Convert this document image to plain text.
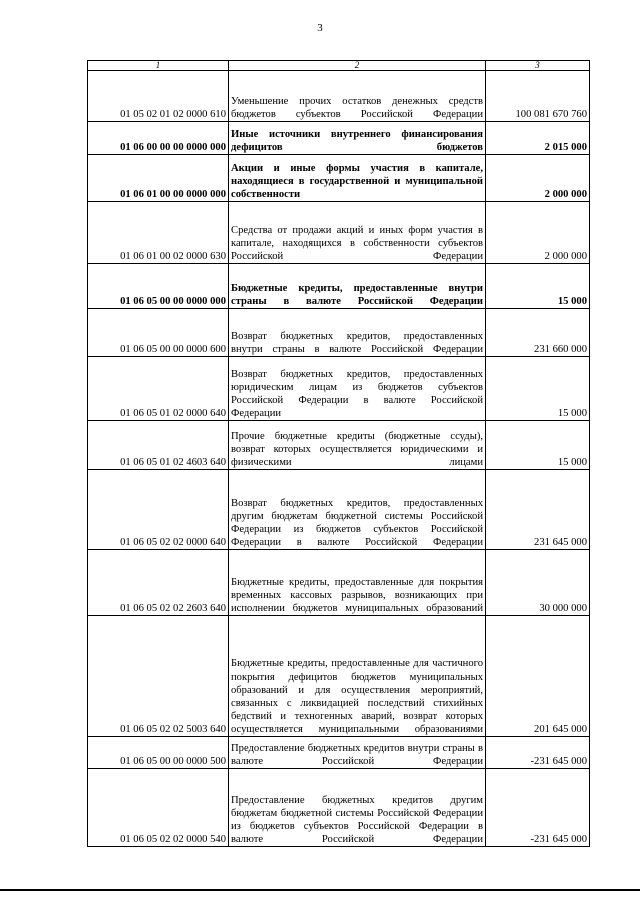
3
1	2	3
01 05 02 01 02 0000 610	Уменьшение прочих остатков денежных средств бюджетов субъектов Российской Федерации	100 081 670 760
01 06 00 00 00 0000 000	Иные источники внутреннего финансирования дефицитов бюджетов	2 015 000
01 06 01 00 00 0000 000	Акции и иные формы участия в капитале, находящиеся в государственной и муниципальной собственности	2 000 000
01 06 01 00 02 0000 630	Средства от продажи акций и иных форм участия в капитале, находящихся в собственности субъектов Российской Федерации	2 000 000
01 06 05 00 00 0000 000	Бюджетные кредиты, предоставленные внутри страны в валюте Российской Федерации	15 000
01 06 05 00 00 0000 600	Возврат бюджетных кредитов, предоставленных внутри страны в валюте Российской Федерации	231 660 000
01 06 05 01 02 0000 640	Возврат бюджетных кредитов, предоставленных юридическим лицам из бюджетов субъектов Российской Федерации в валюте Российской Федерации	15 000
01 06 05 01 02 4603 640	Прочие бюджетные кредиты (бюджетные ссуды), возврат которых осуществляется юридическими и физическими лицами	15 000
01 06 05 02 02 0000 640	Возврат бюджетных кредитов, предоставленных другим бюджетам бюджетной системы Российской Федерации из бюджетов субъектов Российской Федерации в валюте Российской Федерации	231 645 000
01 06 05 02 02 2603 640	Бюджетные кредиты, предоставленные для покрытия временных кассовых разрывов, возникающих при исполнении бюджетов муниципальных образований	30 000 000
01 06 05 02 02 5003 640	Бюджетные кредиты, предоставленные для частичного покрытия дефицитов бюджетов муниципальных образований и для осуществления мероприятий, связанных с ликвидацией последствий стихийных бедствий и техногенных аварий, возврат которых осуществляется муниципальными образованиями	201 645 000
01 06 05 00 00 0000 500	Предоставление бюджетных кредитов внутри страны в валюте Российской Федерации	-231 645 000
01 06 05 02 02 0000 540	Предоставление бюджетных кредитов другим бюджетам бюджетной системы Российской Федерации из бюджетов субъектов Российской Федерации в валюте Российской Федерации	-231 645 000
